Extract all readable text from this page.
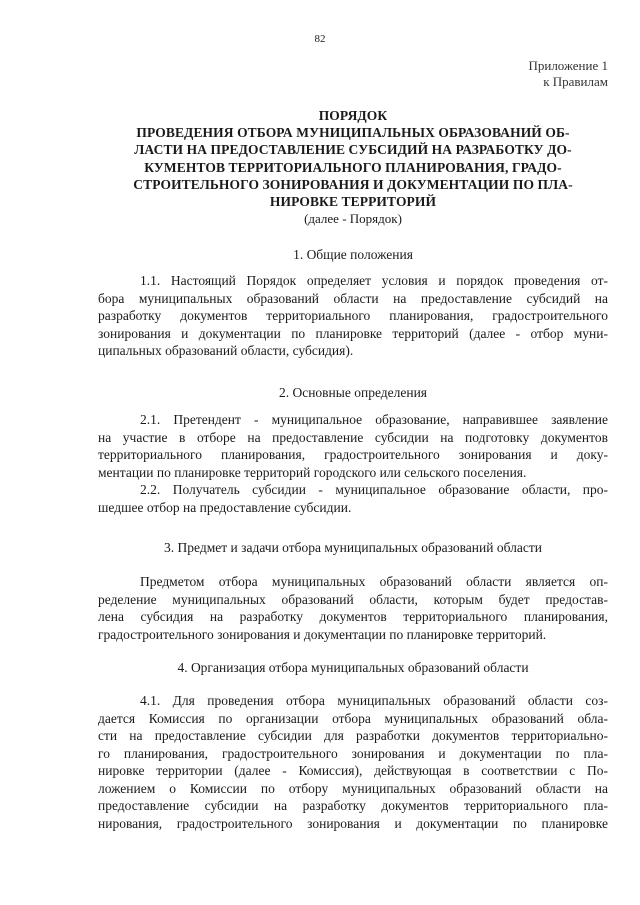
82
Приложение 1
к Правилам
ПОРЯДОК
ПРОВЕДЕНИЯ ОТБОРА МУНИЦИПАЛЬНЫХ ОБРАЗОВАНИЙ ОБ-
ЛАСТИ НА ПРЕДОСТАВЛЕНИЕ СУБСИДИЙ НА РАЗРАБОТКУ ДО-
КУМЕНТОВ ТЕРРИТОРИАЛЬНОГО ПЛАНИРОВАНИЯ, ГРАДО-
СТРОИТЕЛЬНОГО ЗОНИРОВАНИЯ И ДОКУМЕНТАЦИИ ПО ПЛА-
НИРОВКЕ ТЕРРИТОРИЙ
(далее - Порядок)
1. Общие положения
1.1. Настоящий Порядок определяет условия и порядок проведения от-
бора муниципальных образований области на предоставление субсидий на
разработку документов территориального планирования, градостроительного
зонирования и документации по планировке территорий (далее - отбор муни-
ципальных образований области, субсидия).
2. Основные определения
2.1. Претендент - муниципальное образование, направившее заявление
на участие в отборе на предоставление субсидии на подготовку документов
территориального планирования, градостроительного зонирования и доку-
ментации по планировке территорий городского или сельского поселения.
2.2. Получатель субсидии - муниципальное образование области, про-
шедшее отбор на предоставление субсидии.
3. Предмет и задачи отбора муниципальных образований области
Предметом отбора муниципальных образований области является оп-
ределение муниципальных образований области, которым будет предостав-
лена субсидия на разработку документов территориального планирования,
градостроительного зонирования и документации по планировке территорий.
4. Организация отбора муниципальных образований области
4.1. Для проведения отбора муниципальных образований области соз-
дается Комиссия по организации отбора муниципальных образований обла-
сти на предоставление субсидии для разработки документов территориально-
го планирования, градостроительного зонирования и документации по пла-
нировке территории (далее - Комиссия), действующая в соответствии с По-
ложением о Комиссии по отбору муниципальных образований области на
предоставление субсидии на разработку документов территориального пла-
нирования, градостроительного зонирования и документации по планировке
